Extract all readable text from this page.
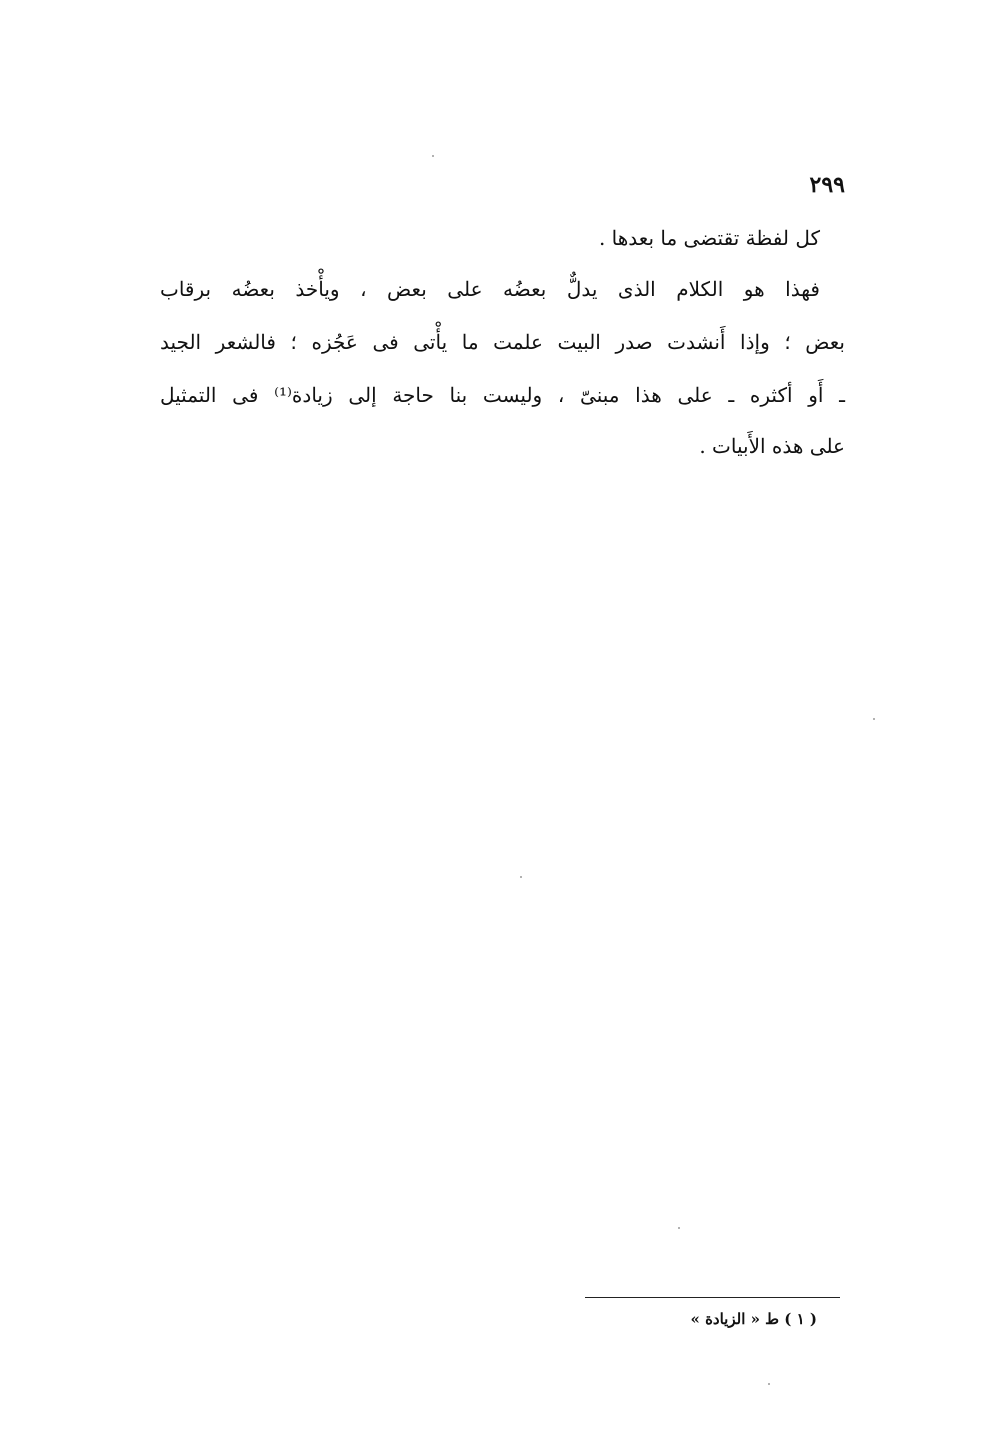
٢٩٩
كل لفظة تقتضى ما بعدها .
فهذا هو الكلام الذى يدلٌّ بعضُه على بعض ، ويأْخذ بعضُه برقاب
بعض ؛ وإذا أَنشدت صدر البيت علمت ما يأْتى فى عَجُزه ؛ فالشعر الجيد
ـ أَو أكثره ـ على هذا مبنىّ ، وليست بنا حاجة إلى زيادة⁽¹⁾ فى التمثيل
على هذه الأَبيات .
( ١ ) ط « الزيادة »
